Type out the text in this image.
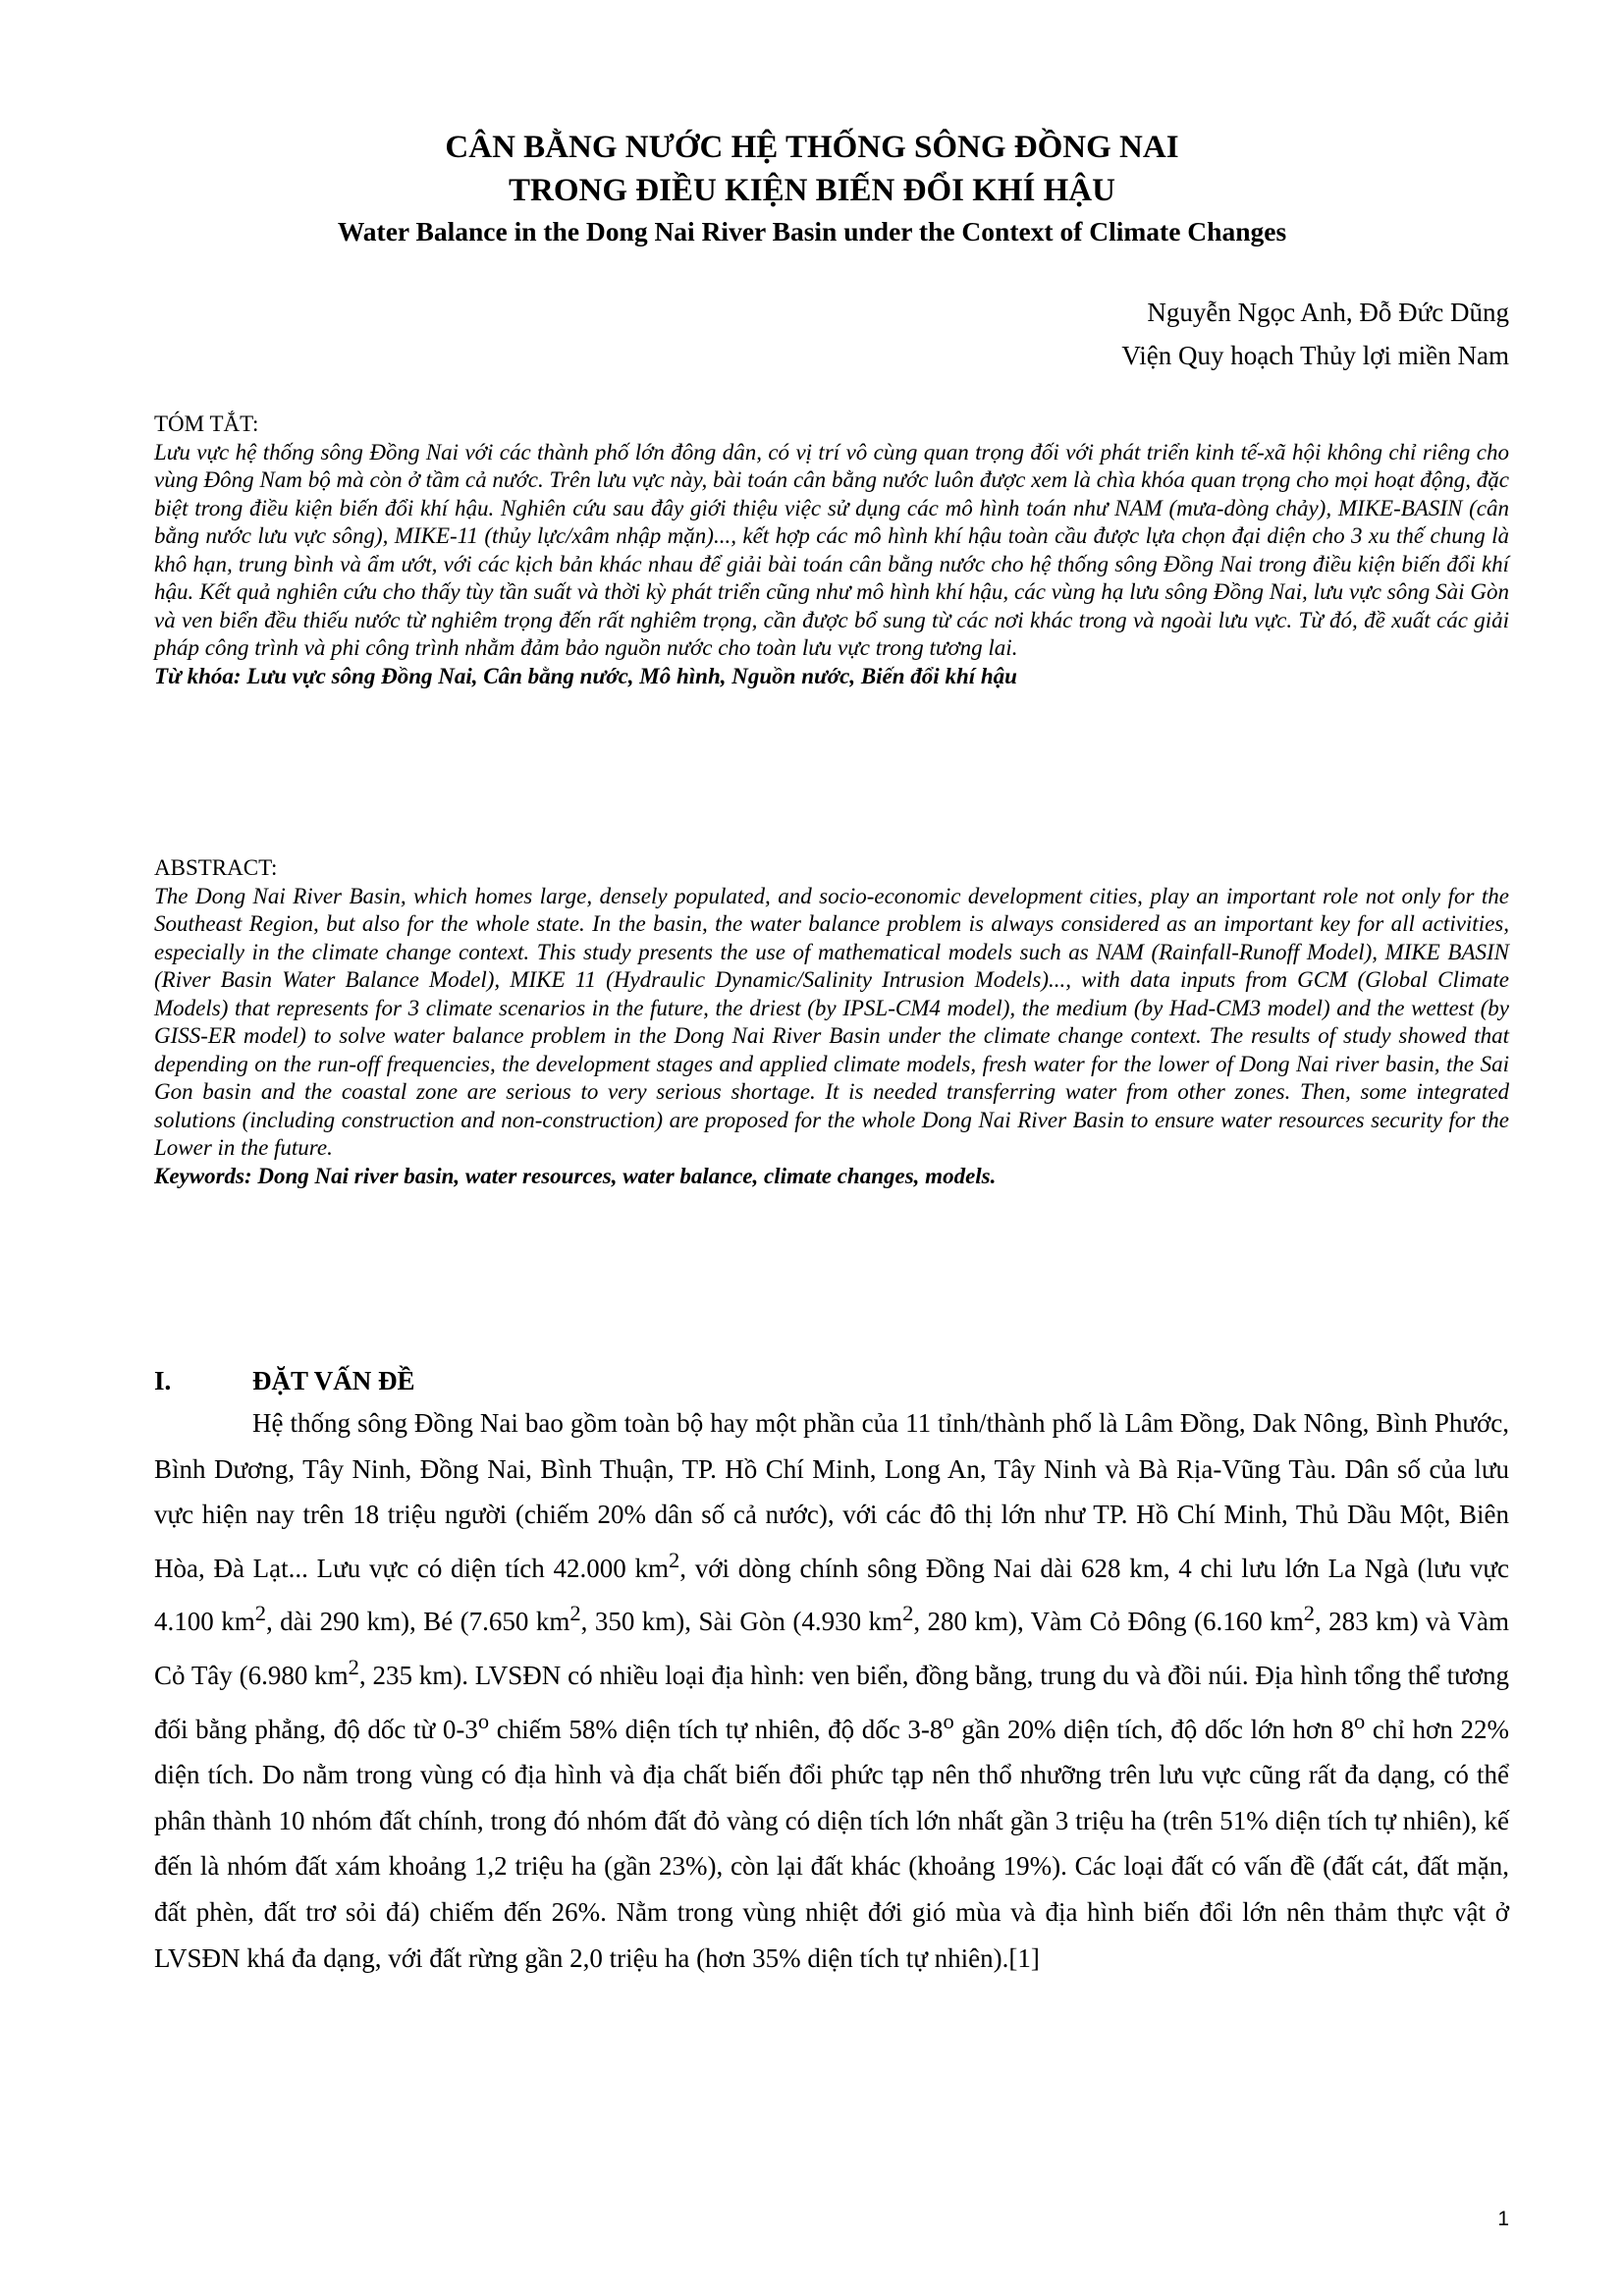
CÂN BẰNG NƯỚC HỆ THỐNG SÔNG ĐỒNG NAI

TRONG ĐIỀU KIỆN BIẾN ĐỔI KHÍ HẬU

Water Balance in the Dong Nai River Basin under the Context of Climate Changes

Nguyễn Ngọc Anh, Đỗ Đức Dũng
Viện Quy hoạch Thủy lợi miền Nam

TÓM TẮT:

Lưu vực hệ thống sông Đồng Nai với các thành phố lớn đông dân, có vị trí vô cùng quan trọng đối với phát triển kinh tế-xã hội không chỉ riêng cho vùng Đông Nam bộ mà còn ở tầm cả nước. Trên lưu vực này, bài toán cân bằng nước luôn được xem là chìa khóa quan trọng cho mọi hoạt động, đặc biệt trong điều kiện biến đổi khí hậu. Nghiên cứu sau đây giới thiệu việc sử dụng các mô hình toán như NAM (mưa-dòng chảy), MIKE-BASIN (cân bằng nước lưu vực sông), MIKE-11 (thủy lực/xâm nhập mặn)..., kết hợp các mô hình khí hậu toàn cầu được lựa chọn đại diện cho 3 xu thế chung là khô hạn, trung bình và ẩm ướt, với các kịch bản khác nhau để giải bài toán cân bằng nước cho hệ thống sông Đồng Nai trong điều kiện biến đổi khí hậu. Kết quả nghiên cứu cho thấy tùy tần suất và thời kỳ phát triển cũng như mô hình khí hậu, các vùng hạ lưu sông Đồng Nai, lưu vực sông Sài Gòn và ven biển đều thiếu nước từ nghiêm trọng đến rất nghiêm trọng, cần được bổ sung từ các nơi khác trong và ngoài lưu vực. Từ đó, đề xuất các giải pháp công trình và phi công trình nhằm đảm bảo nguồn nước cho toàn lưu vực trong tương lai.

Từ khóa: Lưu vực sông Đồng Nai, Cân bằng nước, Mô hình, Nguồn nước, Biến đổi khí hậu

ABSTRACT:

The Dong Nai River Basin, which homes large, densely populated, and socio-economic development cities, play an important role not only for the Southeast Region, but also for the whole state. In the basin, the water balance problem is always considered as an important key for all activities, especially in the climate change context. This study presents the use of mathematical models such as NAM (Rainfall-Runoff Model), MIKE BASIN (River Basin Water Balance Model), MIKE 11 (Hydraulic Dynamic/Salinity Intrusion Models)..., with data inputs from GCM (Global Climate Models) that represents for 3 climate scenarios in the future, the driest (by IPSL-CM4 model), the medium (by Had-CM3 model) and the wettest (by GISS-ER model) to solve water balance problem in the Dong Nai River Basin under the climate change context. The results of study showed that depending on the run-off frequencies, the development stages and applied climate models, fresh water for the lower of Dong Nai river basin, the Sai Gon basin and the coastal zone are serious to very serious shortage. It is needed transferring water from other zones. Then, some integrated solutions (including construction and non-construction) are proposed for the whole Dong Nai River Basin to ensure water resources security for the Lower in the future.

Keywords: Dong Nai river basin, water resources, water balance, climate changes, models.

I.	ĐẶT VẤN ĐỀ

Hệ thống sông Đồng Nai bao gồm toàn bộ hay một phần của 11 tỉnh/thành phố là Lâm Đồng, Dak Nông, Bình Phước, Bình Dương, Tây Ninh, Đồng Nai, Bình Thuận, TP. Hồ Chí Minh, Long An, Tây Ninh và Bà Rịa-Vũng Tàu. Dân số của lưu vực hiện nay trên 18 triệu người (chiếm 20% dân số cả nước), với các đô thị lớn như TP. Hồ Chí Minh, Thủ Dầu Một, Biên Hòa, Đà Lạt... Lưu vực có diện tích 42.000 $km^2$, với dòng chính sông Đồng Nai dài 628 km, 4 chi lưu lớn La Ngà (lưu vực 4.100 $km^2$, dài 290 km), Bé (7.650 $km^2$, 350 km), Sài Gòn (4.930 $km^2$, 280 km), Vàm Cỏ Đông (6.160 $km^2$, 283 km) và Vàm Cỏ Tây (6.980 $km^2$, 235 km). LVSĐN có nhiều loại địa hình: ven biển, đồng bằng, trung du và đồi núi. Địa hình tổng thể tương đối bằng phẳng, độ dốc từ 0-3$^o$ chiếm 58% diện tích tự nhiên, độ dốc 3-8$^o$ gần 20% diện tích, độ dốc lớn hơn 8$^o$ chỉ hơn 22% diện tích. Do nằm trong vùng có địa hình và địa chất biến đổi phức tạp nên thổ nhưỡng trên lưu vực cũng rất đa dạng, có thể phân thành 10 nhóm đất chính, trong đó nhóm đất đỏ vàng có diện tích lớn nhất gần 3 triệu ha (trên 51% diện tích tự nhiên), kế đến là nhóm đất xám khoảng 1,2 triệu ha (gần 23%), còn lại đất khác (khoảng 19%). Các loại đất có vấn đề (đất cát, đất mặn, đất phèn, đất trơ sỏi đá) chiếm đến 26%. Nằm trong vùng nhiệt đới gió mùa và địa hình biến đổi lớn nên thảm thực vật ở LVSĐN khá đa dạng, với đất rừng gần 2,0 triệu ha (hơn 35% diện tích tự nhiên).[1]

1
